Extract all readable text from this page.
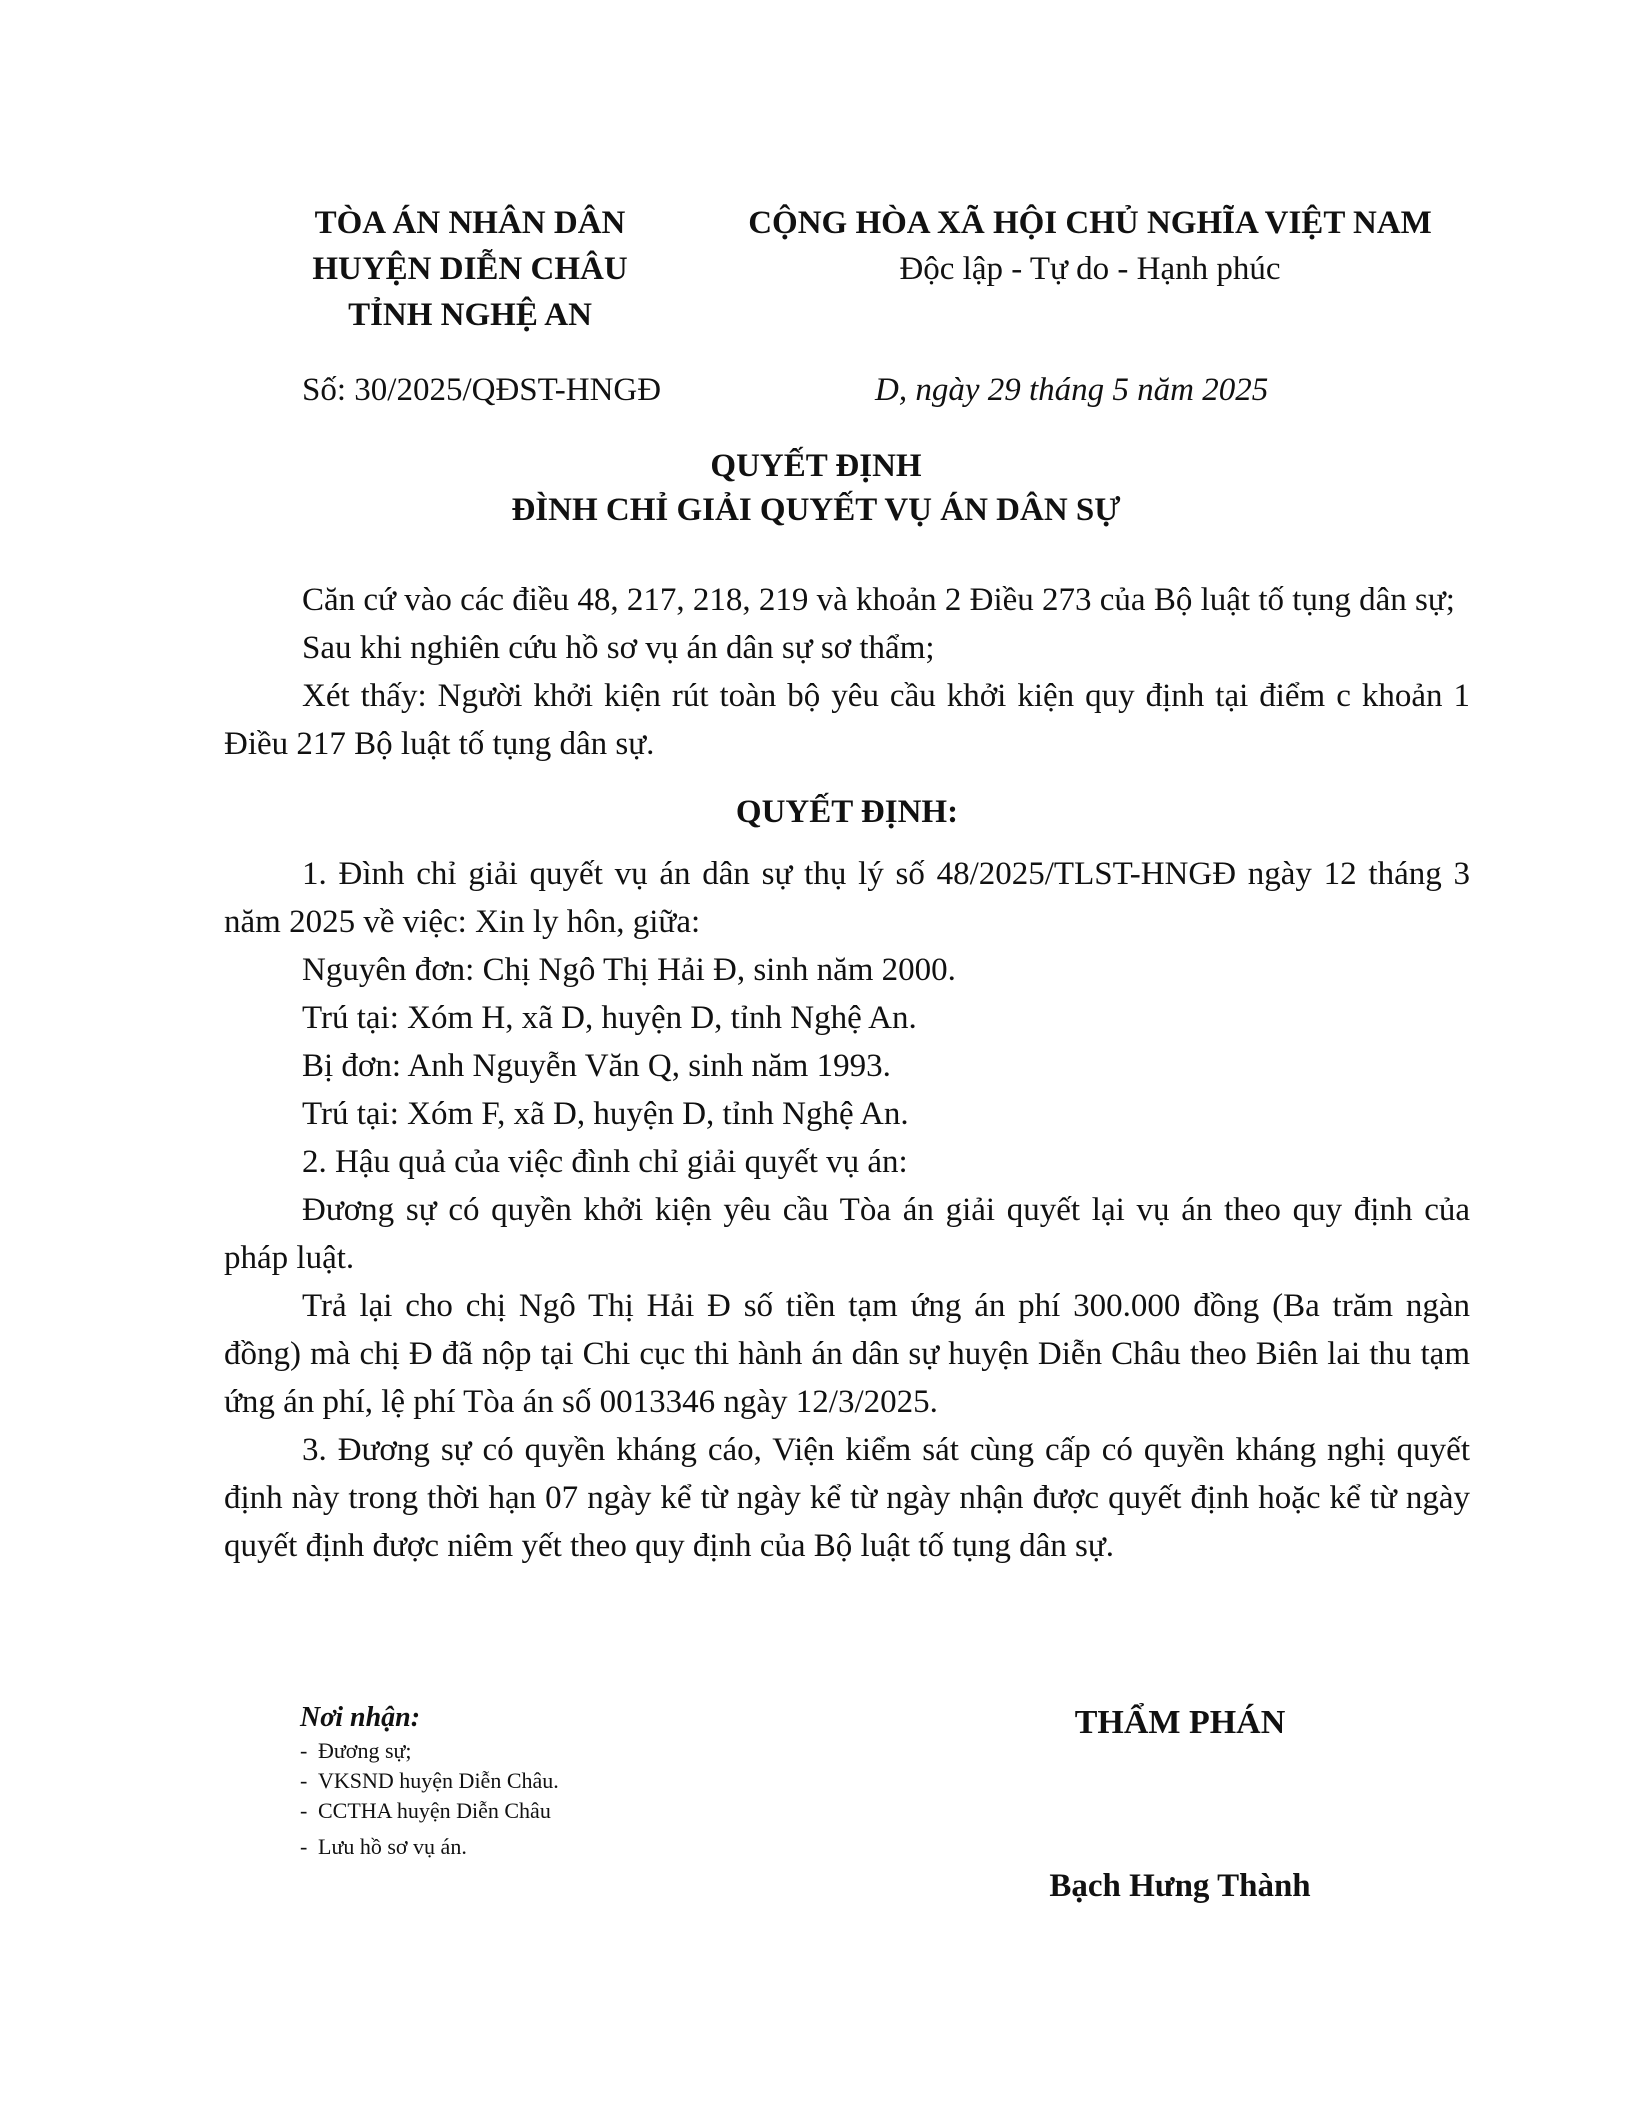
TÒA ÁN NHÂN DÂN
HUYỆN DIỄN CHÂU
TỈNH NGHỆ AN
CỘNG HÒA XÃ HỘI CHỦ NGHĨA VIỆT NAM
Độc lập - Tự do - Hạnh phúc
Số: 30/2025/QĐST-HNGĐ	D, ngày 29 tháng 5 năm 2025
QUYẾT ĐỊNH
ĐÌNH CHỈ GIẢI QUYẾT VỤ ÁN DÂN SỰ

Căn cứ vào các điều 48, 217, 218, 219 và khoản 2 Điều 273 của Bộ luật tố tụng dân sự;

Sau khi nghiên cứu hồ sơ vụ án dân sự sơ thẩm;

Xét thấy: Người khởi kiện rút toàn bộ yêu cầu khởi kiện quy định tại điểm c khoản 1 Điều 217 Bộ luật tố tụng dân sự.

QUYẾT ĐỊNH:

1. Đình chỉ giải quyết vụ án dân sự thụ lý số 48/2025/TLST-HNGĐ ngày 12 tháng 3 năm 2025 về việc: Xin ly hôn, giữa:

Nguyên đơn: Chị Ngô Thị Hải Đ, sinh năm 2000.

Trú tại: Xóm H, xã D, huyện D, tỉnh Nghệ An.

Bị đơn: Anh Nguyễn Văn Q, sinh năm 1993.

Trú tại: Xóm F, xã D, huyện D, tỉnh Nghệ An.

2. Hậu quả của việc đình chỉ giải quyết vụ án:

Đương sự có quyền khởi kiện yêu cầu Tòa án giải quyết lại vụ án theo quy định của pháp luật.

Trả lại cho chị Ngô Thị Hải Đ số tiền tạm ứng án phí 300.000 đồng (Ba trăm ngàn đồng) mà chị Đ đã nộp tại Chi cục thi hành án dân sự huyện Diễn Châu theo Biên lai thu tạm ứng án phí, lệ phí Tòa án số 0013346 ngày 12/3/2025.

3. Đương sự có quyền kháng cáo, Viện kiểm sát cùng cấp có quyền kháng nghị quyết định này trong thời hạn 07 ngày kể từ ngày kể từ ngày nhận được quyết định hoặc kể từ ngày quyết định được niêm yết theo quy định của Bộ luật tố tụng dân sự.

Nơi nhận:
- Đương sự;
- VKSND huyện Diễn Châu.
- CCTHA huyện Diễn Châu
- Lưu hồ sơ vụ án.
THẨM PHÁN
Bạch Hưng Thành
